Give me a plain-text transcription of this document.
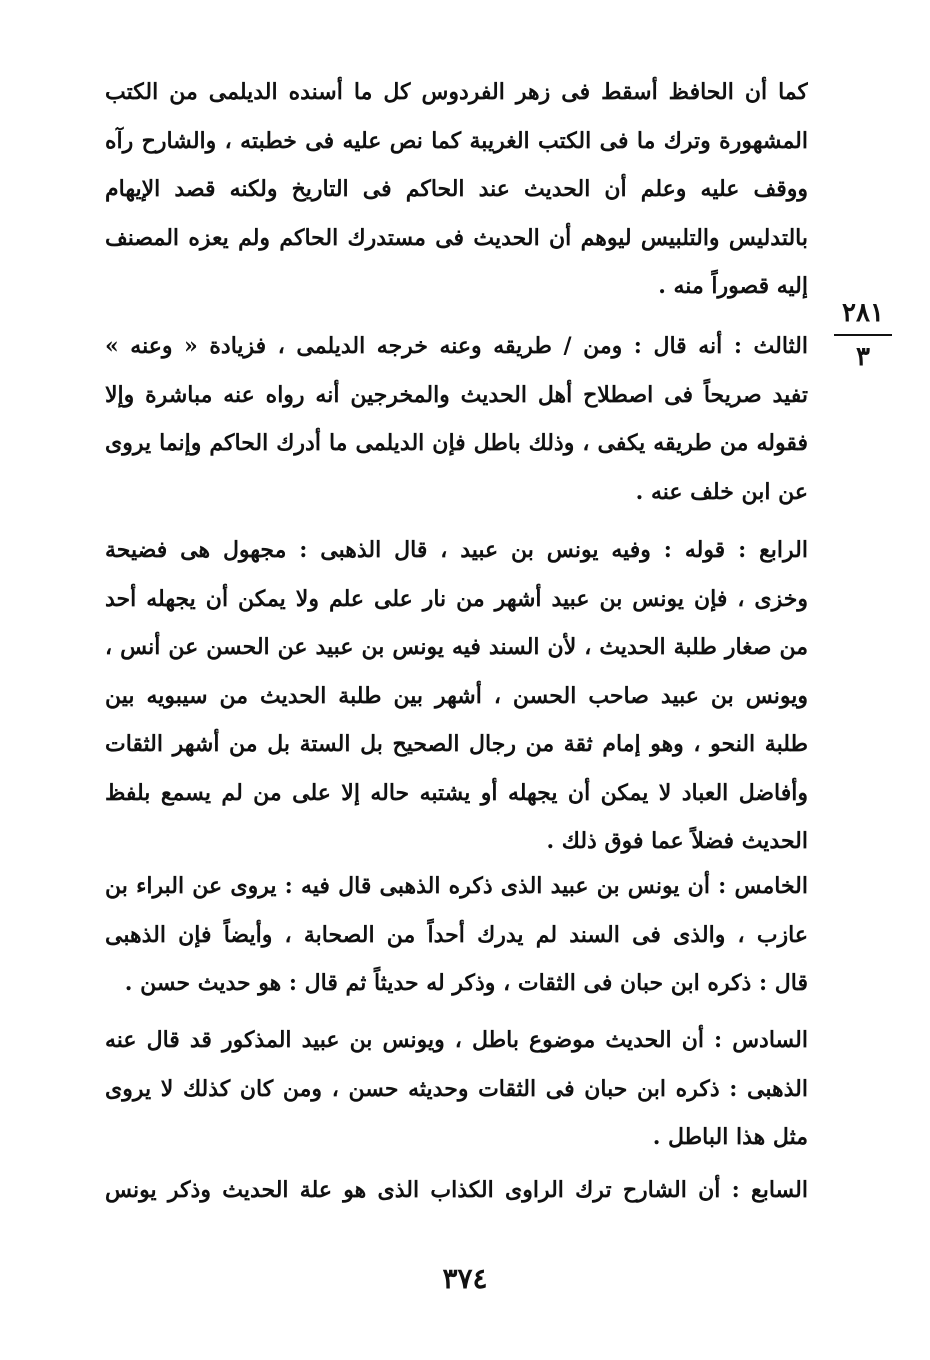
كما أن الحافظ أسقط فى زهر الفردوس كل ما أسنده الديلمى من الكتب
المشهورة وترك ما فى الكتب الغريبة كما نص عليه فى خطبته ، والشارح رآه
ووقف عليه وعلم أن الحديث عند الحاكم فى التاريخ ولكنه قصد الإيهام
بالتدليس والتلبيس ليوهم أن الحديث فى مستدرك الحاكم ولم يعزه المصنف
إليه قصوراً منه .
٢٨١
٣
الثالث : أنه قال : ومن / طريقه وعنه خرجه الديلمى ، فزيادة « وعنه »
تفيد صريحاً فى اصطلاح أهل الحديث والمخرجين أنه رواه عنه مباشرة وإلا
فقوله من طريقه يكفى ، وذلك باطل فإن الديلمى ما أدرك الحاكم وإنما يروى
عن ابن خلف عنه .
الرابع : قوله : وفيه يونس بن عبيد ، قال الذهبى : مجهول هى فضيحة
وخزى ، فإن يونس بن عبيد أشهر من نار على علم ولا يمكن أن يجهله أحد
من صغار طلبة الحديث ، لأن السند فيه يونس بن عبيد عن الحسن عن أنس ،
ويونس بن عبيد صاحب الحسن ، أشهر بين طلبة الحديث من سيبويه بين
طلبة النحو ، وهو إمام ثقة من رجال الصحيح بل الستة بل من أشهر الثقات
وأفاضل العباد لا يمكن أن يجهله أو يشتبه حاله إلا على من لم يسمع بلفظ
الحديث فضلاً عما فوق ذلك .
الخامس : أن يونس بن عبيد الذى ذكره الذهبى قال فيه : يروى عن البراء بن
عازب ، والذى فى السند لم يدرك أحداً من الصحابة ، وأيضاً فإن الذهبى
قال : ذكره ابن حبان فى الثقات ، وذكر له حديثاً ثم قال : هو حديث حسن .
السادس : أن الحديث موضوع باطل ، ويونس بن عبيد المذكور قد قال عنه
الذهبى : ذكره ابن حبان فى الثقات وحديثه حسن ، ومن كان كذلك لا يروى
مثل هذا الباطل .
السابع : أن الشارح ترك الراوى الكذاب الذى هو علة الحديث وذكر يونس
٣٧٤
